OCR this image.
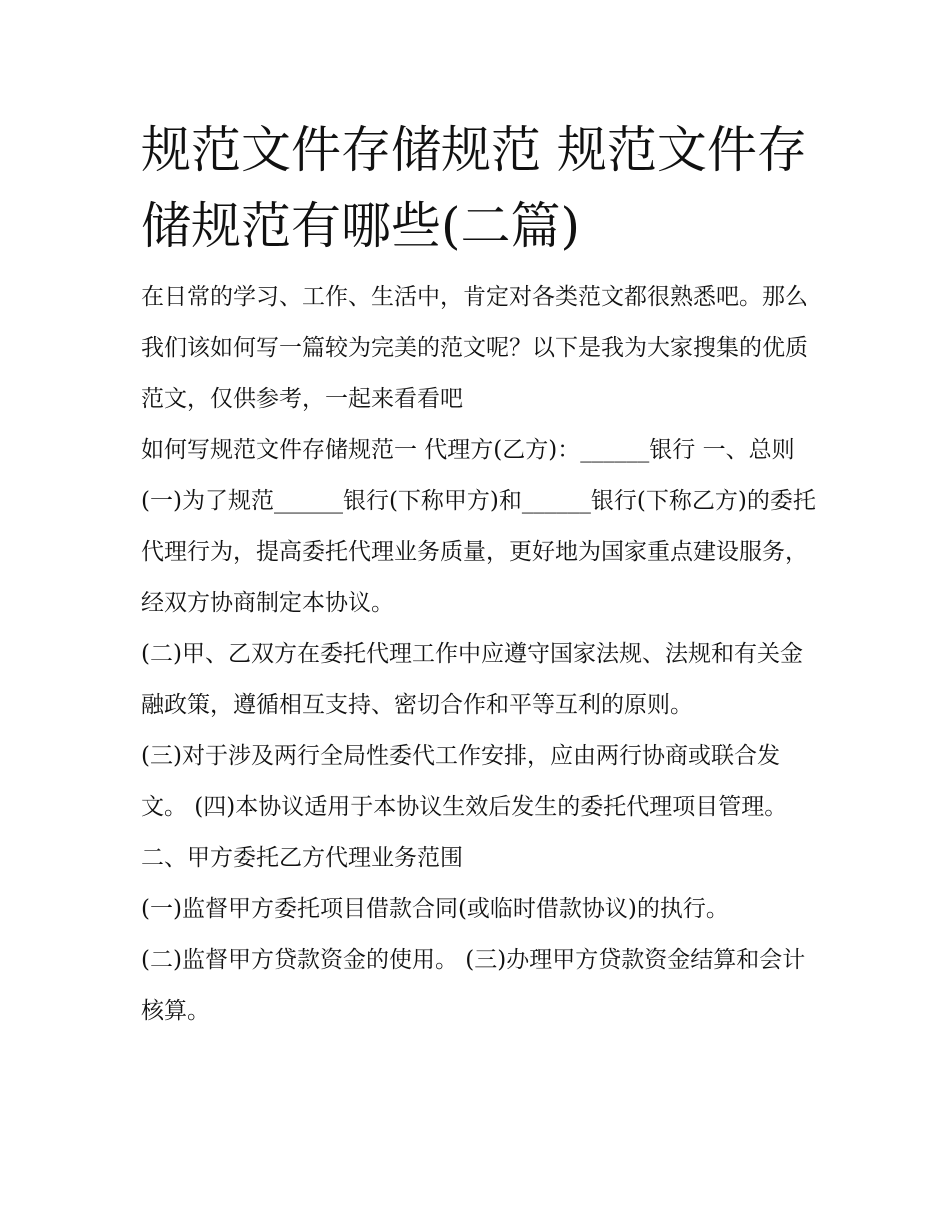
规范文件存储规范 规范文件存储规范有哪些(二篇)

在日常的学习、工作、生活中，肯定对各类范文都很熟悉吧。那么我们该如何写一篇较为完美的范文呢？以下是我为大家搜集的优质范文，仅供参考，一起来看看吧

如何写规范文件存储规范一 代理方(乙方)：______银行 一、总则

(一)为了规范______银行(下称甲方)和______银行(下称乙方)的委托代理行为，提高委托代理业务质量，更好地为国家重点建设服务，经双方协商制定本协议。

(二)甲、乙双方在委托代理工作中应遵守国家法规、法规和有关金融政策，遵循相互支持、密切合作和平等互利的原则。

(三)对于涉及两行全局性委代工作安排，应由两行协商或联合发文。 (四)本协议适用于本协议生效后发生的委托代理项目管理。 二、甲方委托乙方代理业务范围

(一)监督甲方委托项目借款合同(或临时借款协议)的执行。

(二)监督甲方贷款资金的使用。 (三)办理甲方贷款资金结算和会计核算。
